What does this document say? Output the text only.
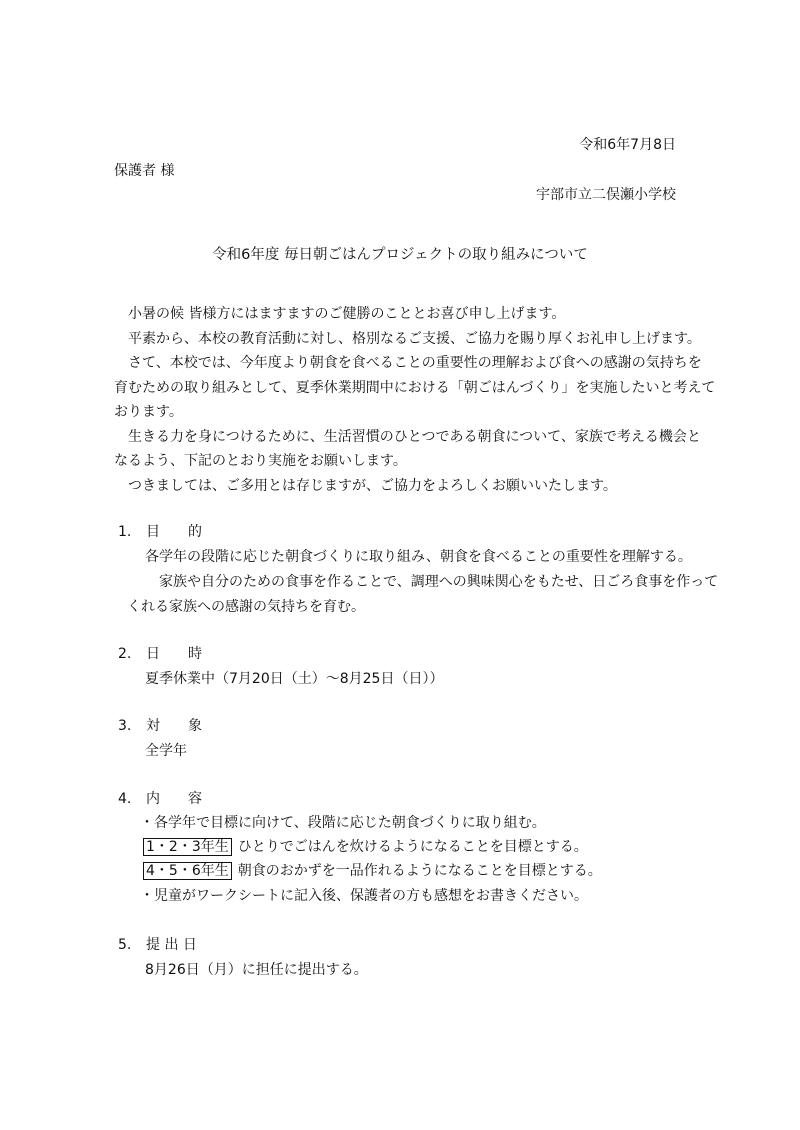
令和6年7月8日
保護者 様
宇部市立二俣瀬小学校
令和6年度 毎日朝ごはんプロジェクトの取り組みについて
　小暑の候 皆様方にはますますのご健勝のこととお喜び申し上げます。
　平素から、本校の教育活動に対し、格別なるご支援、ご協力を賜り厚くお礼申し上げます。
　さて、本校では、今年度より朝食を食べることの重要性の理解および食への感謝の気持ちを
育むための取り組みとして、夏季休業期間中における「朝ごはんづくり」を実施したいと考えて
おります。
　生きる力を身につけるために、生活習慣のひとつである朝食について、家族で考える機会と
なるよう、下記のとおり実施をお願いします。
　つきましては、ご多用とは存じますが、ご協力をよろしくお願いいたします。
1. 目　　的
各学年の段階に応じた朝食づくりに取り組み、朝食を食べることの重要性を理解する。
　家族や自分のための食事を作ることで、調理への興味関心をもたせ、日ごろ食事を作って
くれる家族への感謝の気持ちを育む。
2. 日　　時
夏季休業中（7月20日（土）～8月25日（日））
3. 対　　象
全学年
4. 内　　容
・各学年で目標に向けて、段階に応じた朝食づくりに取り組む。
1・2・3年生 ひとりでごはんを炊けるようになることを目標とする。
4・5・6年生 朝食のおかずを一品作れるようになることを目標とする。
・児童がワークシートに記入後、保護者の方も感想をお書きください。
5. 提 出 日
8月26日（月）に担任に提出する。
